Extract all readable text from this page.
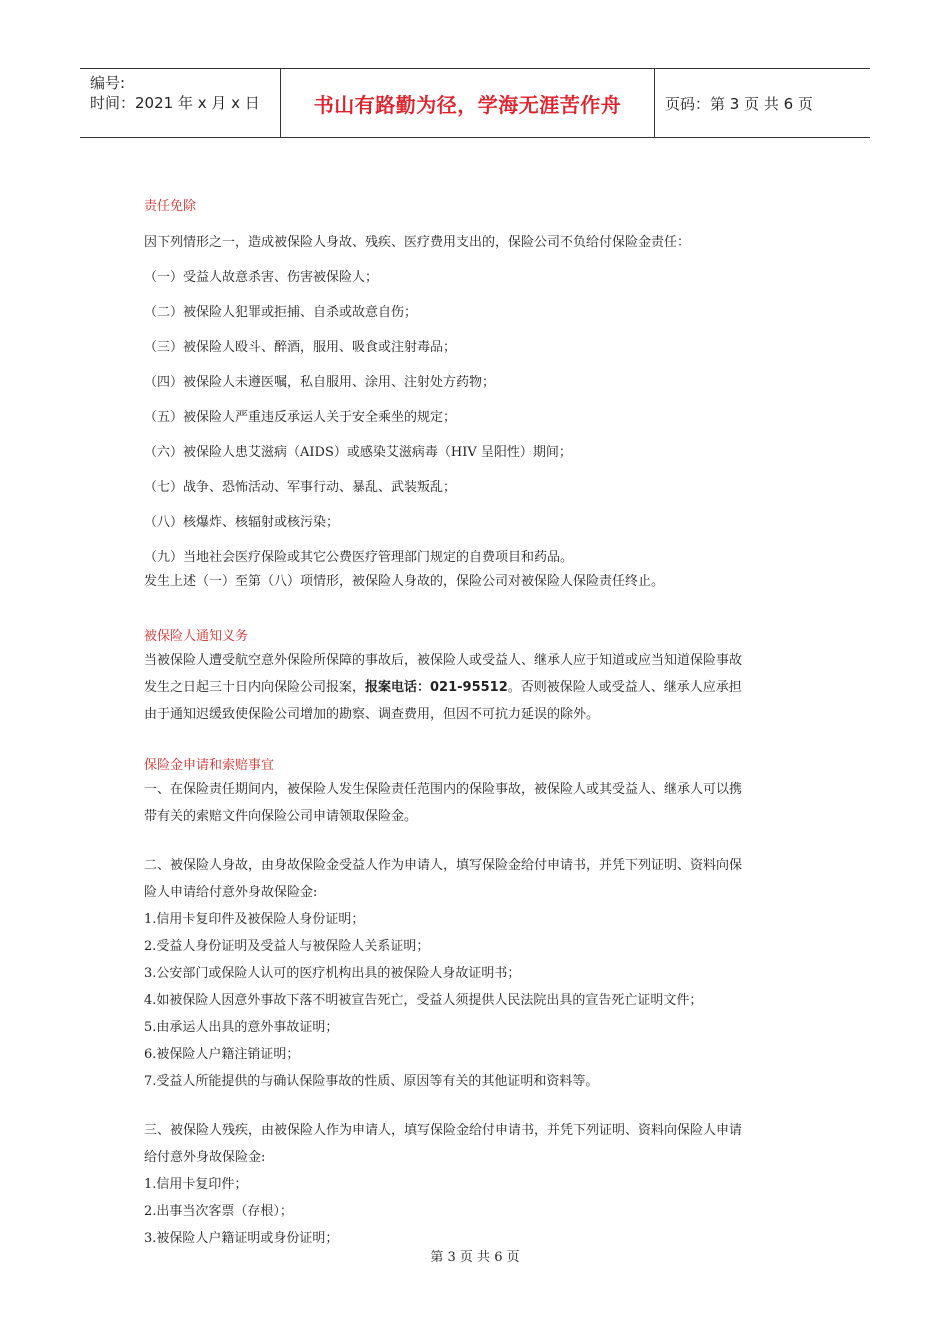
编号:
时间：2021 年 x 月 x 日	书山有路勤为径，学海无涯苦作舟	页码：第 3 页 共 6 页
责任免除
因下列情形之一，造成被保险人身故、残疾、医疗费用支出的，保险公司不负给付保险金责任：
（一）受益人故意杀害、伤害被保险人；
（二）被保险人犯罪或拒捕、自杀或故意自伤；
（三）被保险人殴斗、醉酒，服用、吸食或注射毒品；
（四）被保险人未遵医嘱，私自服用、涂用、注射处方药物；
（五）被保险人严重违反承运人关于安全乘坐的规定；
（六）被保险人患艾滋病（AIDS）或感染艾滋病毒（HIV 呈阳性）期间；
（七）战争、恐怖活动、军事行动、暴乱、武装叛乱；
（八）核爆炸、核辐射或核污染；
（九）当地社会医疗保险或其它公费医疗管理部门规定的自费项目和药品。
发生上述（一）至第（八）项情形，被保险人身故的，保险公司对被保险人保险责任终止。
被保险人通知义务
当被保险人遭受航空意外保险所保障的事故后，被保险人或受益人、继承人应于知道或应当知道保险事故
发生之日起三十日内向保险公司报案，报案电话：021-95512。否则被保险人或受益人、继承人应承担
由于通知迟缓致使保险公司增加的勘察、调查费用，但因不可抗力延误的除外。
保险金申请和索赔事宜
一、在保险责任期间内，被保险人发生保险责任范围内的保险事故，被保险人或其受益人、继承人可以携
带有关的索赔文件向保险公司申请领取保险金。
二、被保险人身故，由身故保险金受益人作为申请人，填写保险金给付申请书，并凭下列证明、资料向保
险人申请给付意外身故保险金:
1.信用卡复印件及被保险人身份证明；
2.受益人身份证明及受益人与被保险人关系证明；
3.公安部门或保险人认可的医疗机构出具的被保险人身故证明书；
4.如被保险人因意外事故下落不明被宣告死亡，受益人须提供人民法院出具的宣告死亡证明文件；
5.由承运人出具的意外事故证明；
6.被保险人户籍注销证明；
7.受益人所能提供的与确认保险事故的性质、原因等有关的其他证明和资料等。
三、被保险人残疾，由被保险人作为申请人，填写保险金给付申请书，并凭下列证明、资料向保险人申请
给付意外身故保险金:
1.信用卡复印件；
2.出事当次客票（存根）；
3.被保险人户籍证明或身份证明；
第 3 页 共 6 页
